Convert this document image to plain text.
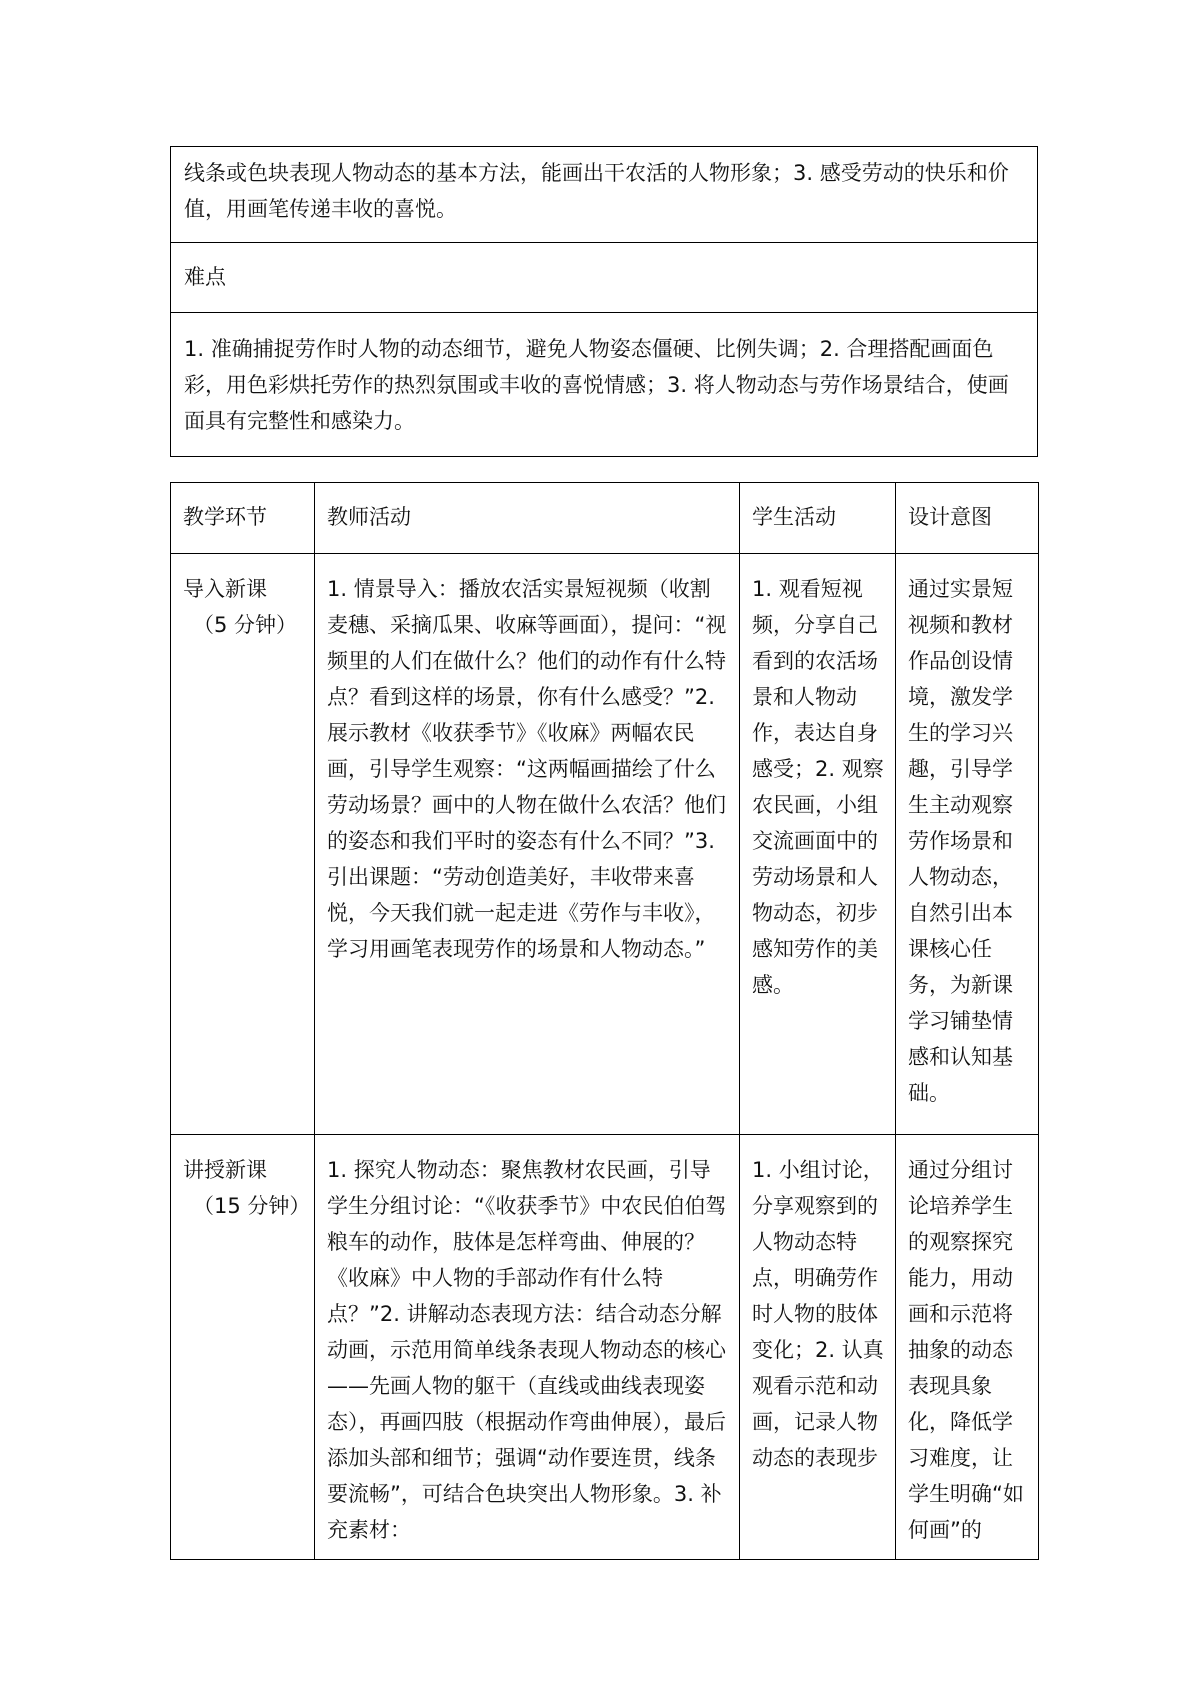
线条或色块表现人物动态的基本方法，能画出干农活的人物形象；3. 感受劳动的快乐和价值，用画笔传递丰收的喜悦。
难点
1. 准确捕捉劳作时人物的动态细节，避免人物姿态僵硬、比例失调；2. 合理搭配画面色彩，用色彩烘托劳作的热烈氛围或丰收的喜悦情感；3. 将人物动态与劳作场景结合，使画面具有完整性和感染力。
教学环节	教师活动	学生活动	设计意图

导入新课
（5 分钟）	1. 情景导入：播放农活实景短视频（收割麦穗、采摘瓜果、收麻等画面），提问：“视频里的人们在做什么？他们的动作有什么特点？看到这样的场景，你有什么感受？”2. 展示教材《收获季节》《收麻》两幅农民画，引导学生观察：“这两幅画描绘了什么劳动场景？画中的人物在做什么农活？他们的姿态和我们平时的姿态有什么不同？”3. 引出课题：“劳动创造美好，丰收带来喜悦，今天我们就一起走进《劳作与丰收》，学习用画笔表现劳作的场景和人物动态。”	1. 观看短视频，分享自己看到的农活场景和人物动作，表达自身感受；2. 观察农民画，小组交流画面中的劳动场景和人物动态，初步感知劳作的美感。	通过实景短视频和教材作品创设情境，激发学生的学习兴趣，引导学生主动观察劳作场景和人物动态，自然引出本课核心任务，为新课学习铺垫情感和认知基础。

讲授新课
（15 分钟）	1. 探究人物动态：聚焦教材农民画，引导学生分组讨论：“《收获季节》中农民伯伯驾粮车的动作，肢体是怎样弯曲、伸展的？《收麻》中人物的手部动作有什么特点？”2. 讲解动态表现方法：结合动态分解动画，示范用简单线条表现人物动态的核心——先画人物的躯干（直线或曲线表现姿态），再画四肢（根据动作弯曲伸展），最后添加头部和细节；强调“动作要连贯，线条要流畅”，可结合色块突出人物形象。3. 补充素材：	1. 小组讨论，分享观察到的人物动态特点，明确劳作时人物的肢体变化；2. 认真观看示范和动画，记录人物动态的表现步	通过分组讨论培养学生的观察探究能力，用动画和示范将抽象的动态表现具象化，降低学习难度，让学生明确“如何画”的
